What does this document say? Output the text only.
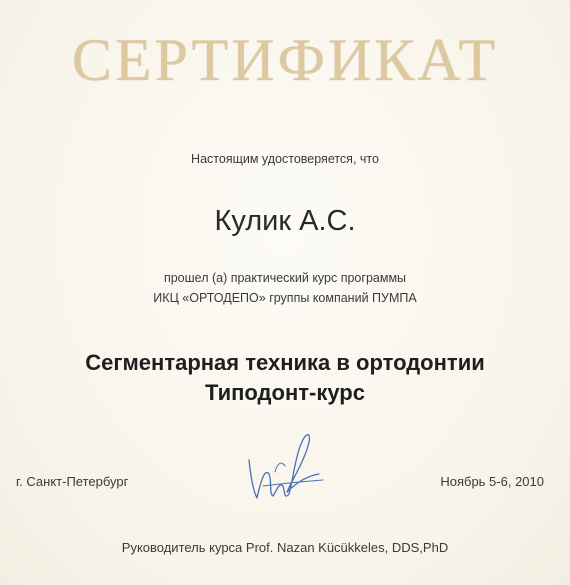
СЕРТИФИКАТ
Настоящим удостоверяется, что
Кулик А.С.
прошел (а) практический курс программы
ИКЦ «ОРТОДЕПО» группы компаний ПУМПА
Сегментарная техника в ортодонтии
Типодонт-курс
г. Санкт-Петербург	Ноябрь 5-6, 2010
Руководитель курса Prof. Nazan Kücükkeles, DDS,PhD
